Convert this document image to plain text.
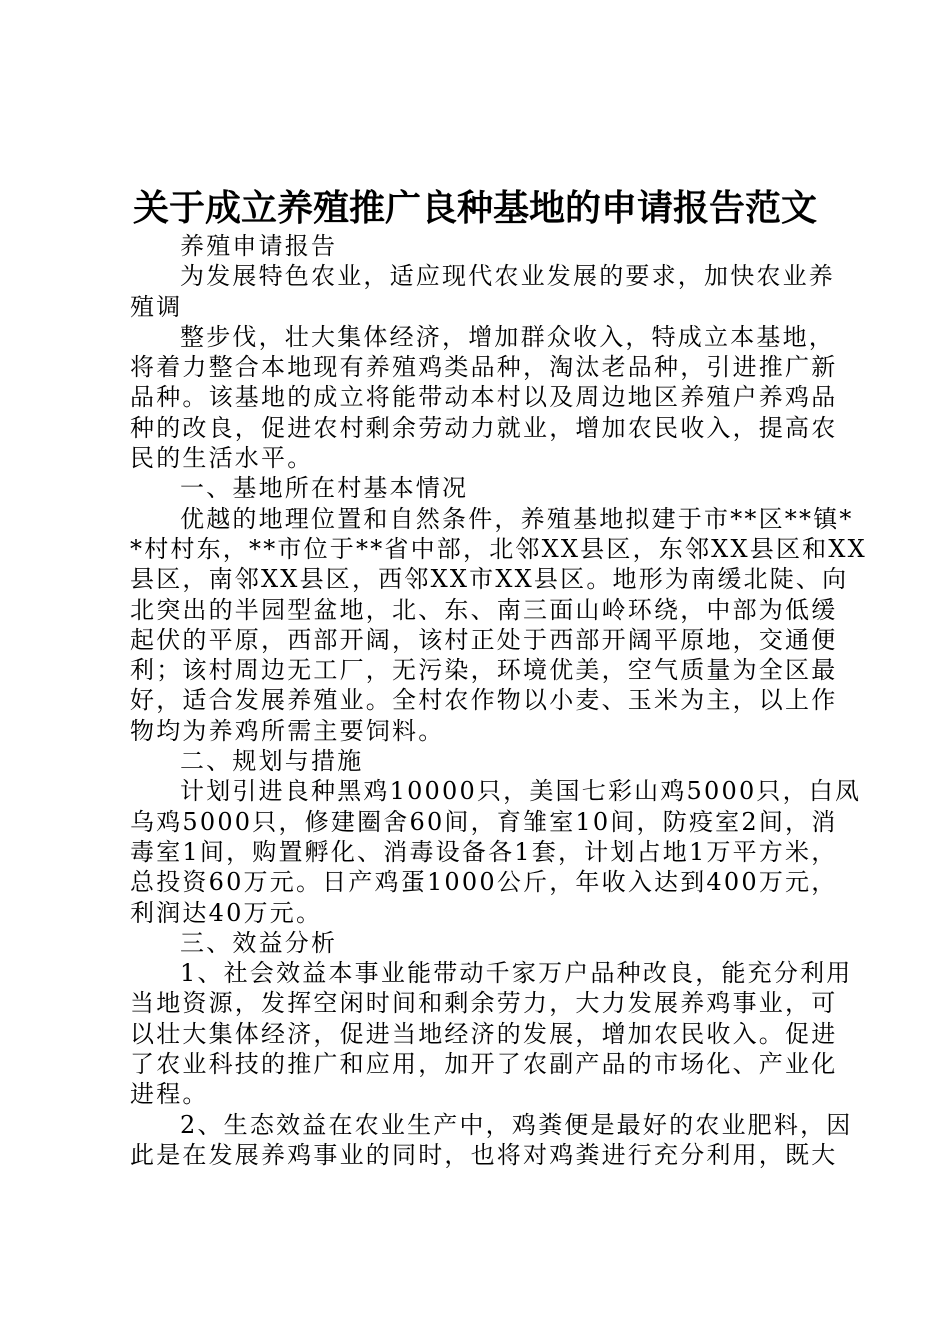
关于成立养殖推广良种基地的申请报告范文
养殖申请报告
为发展特色农业，适应现代农业发展的要求，加快农业养
殖调
整步伐，壮大集体经济，增加群众收入，特成立本基地，
将着力整合本地现有养殖鸡类品种，淘汰老品种，引进推广新
品种。该基地的成立将能带动本村以及周边地区养殖户养鸡品
种的改良，促进农村剩余劳动力就业，增加农民收入，提高农
民的生活水平。
一、基地所在村基本情况
优越的地理位置和自然条件，养殖基地拟建于市**区**镇*
*村村东，**市位于**省中部，北邻XX县区，东邻XX县区和XX
县区，南邻XX县区，西邻XX市XX县区。地形为南缓北陡、向
北突出的半园型盆地，北、东、南三面山岭环绕，中部为低缓
起伏的平原，西部开阔，该村正处于西部开阔平原地，交通便
利；该村周边无工厂，无污染，环境优美，空气质量为全区最
好，适合发展养殖业。全村农作物以小麦、玉米为主，以上作
物均为养鸡所需主要饲料。
二、规划与措施
计划引进良种黑鸡10000只，美国七彩山鸡5000只，白凤
乌鸡5000只，修建圈舍60间，育雏室10间，防疫室2间，消
毒室1间，购置孵化、消毒设备各1套，计划占地1万平方米，
总投资60万元。日产鸡蛋1000公斤，年收入达到400万元，
利润达40万元。
三、效益分析
1、社会效益本事业能带动千家万户品种改良，能充分利用
当地资源，发挥空闲时间和剩余劳力，大力发展养鸡事业，可
以壮大集体经济，促进当地经济的发展，增加农民收入。促进
了农业科技的推广和应用，加开了农副产品的市场化、产业化
进程。
2、生态效益在农业生产中，鸡粪便是最好的农业肥料，因
此是在发展养鸡事业的同时，也将对鸡粪进行充分利用，既大
